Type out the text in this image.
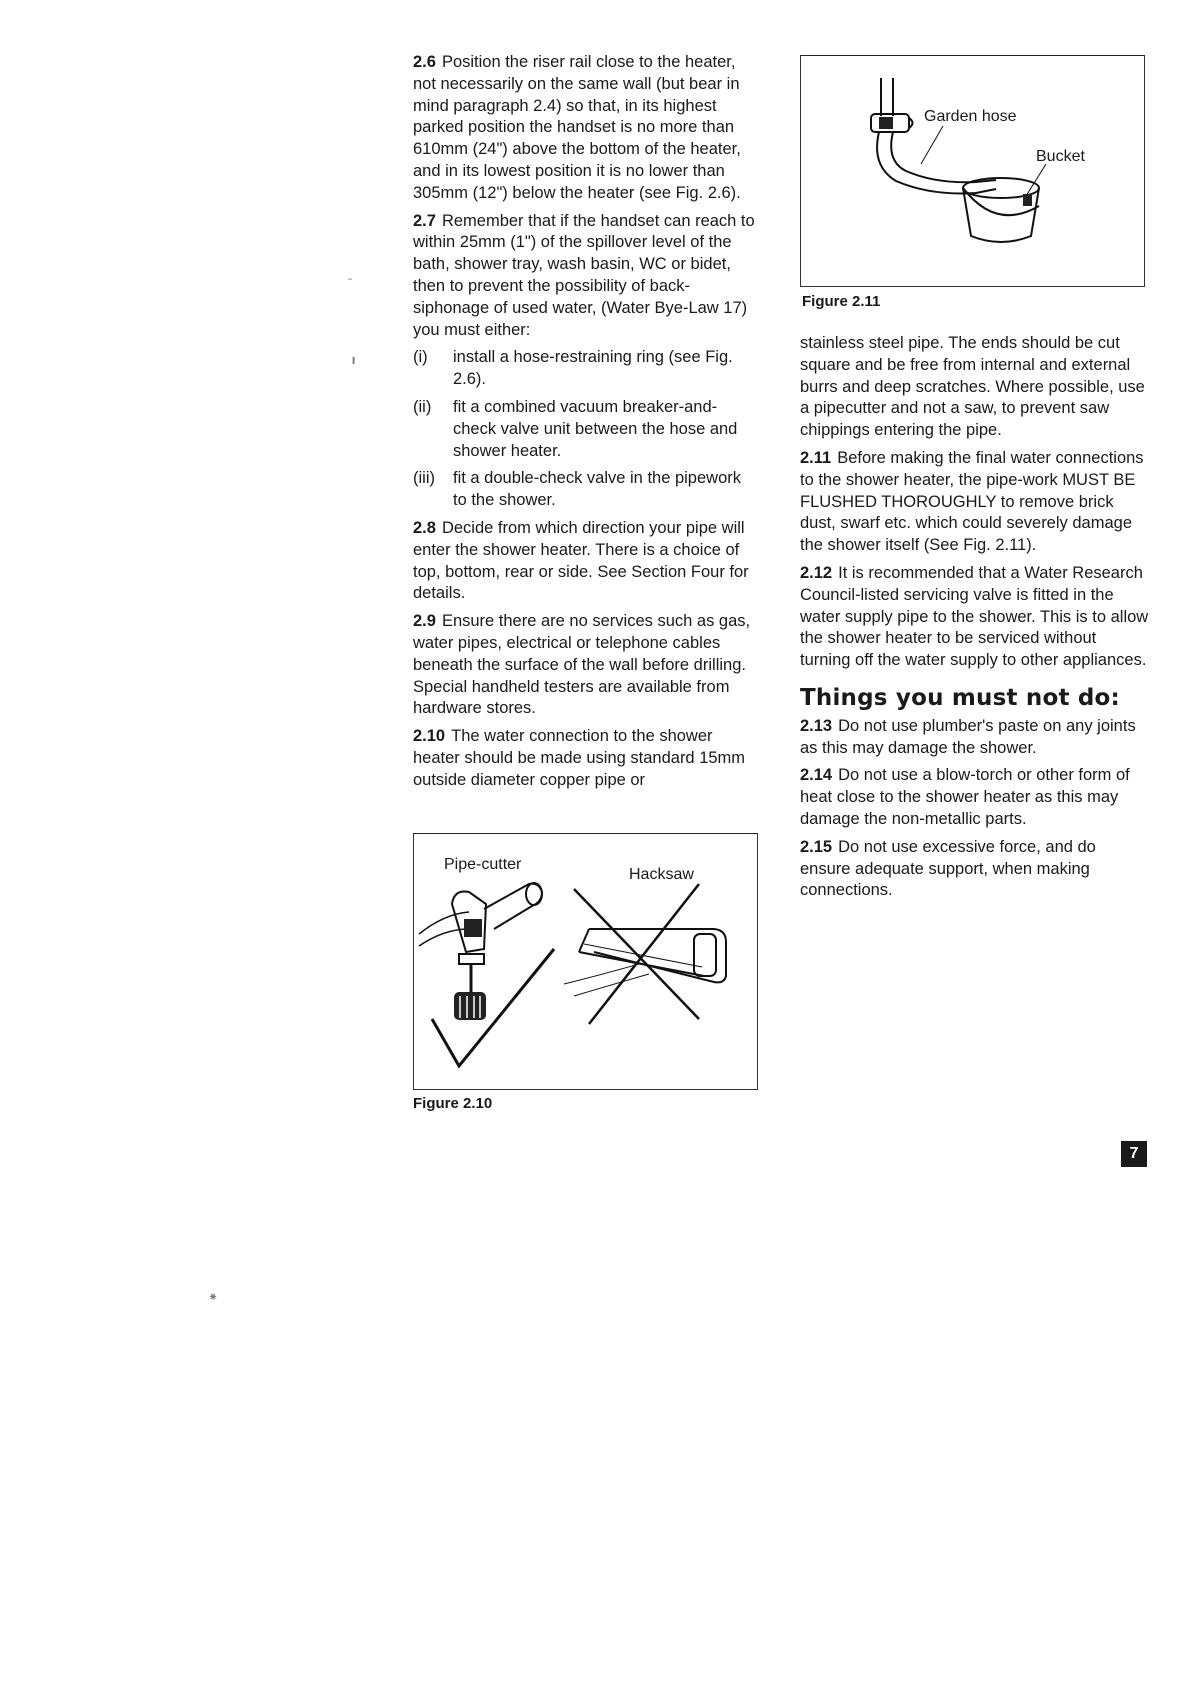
2.6 Position the riser rail close to the heater, not necessarily on the same wall (but bear in mind paragraph 2.4) so that, in its highest parked position the handset is no more than 610mm (24") above the bottom of the heater, and in its lowest position it is no lower than 305mm (12") below the heater (see Fig. 2.6).

2.7 Remember that if the handset can reach to within 25mm (1") of the spillover level of the bath, shower tray, wash basin, WC or bidet, then to prevent the possibility of back-siphonage of used water, (Water Bye-Law 17) you must either:

(i)	install a hose-restraining ring (see Fig. 2.6).
(ii)	fit a combined vacuum breaker-and-check valve unit between the hose and shower heater.
(iii)	fit a double-check valve in the pipework to the shower.

2.8 Decide from which direction your pipe will enter the shower heater. There is a choice of top, bottom, rear or side. See Section Four for details.

2.9 Ensure there are no services such as gas, water pipes, electrical or telephone cables beneath the surface of the wall before drilling. Special handheld testers are available from hardware stores.

2.10 The water connection to the shower heater should be made using standard 15mm outside diameter copper pipe or

Pipe-cutter
Hacksaw
Figure 2.10
Garden hose
Bucket
Figure 2.11

stainless steel pipe. The ends should be cut square and be free from internal and external burrs and deep scratches. Where possible, use a pipecutter and not a saw, to prevent saw chippings entering the pipe.

2.11 Before making the final water connections to the shower heater, the pipe-work MUST BE FLUSHED THOROUGHLY to remove brick dust, swarf etc. which could severely damage the shower itself (See Fig. 2.11).

2.12 It is recommended that a Water Research Council-listed servicing valve is fitted in the water supply pipe to the shower. This is to allow the shower heater to be serviced without turning off the water supply to other appliances.

Things you must not do:

2.13 Do not use plumber's paste on any joints as this may damage the shower.

2.14 Do not use a blow-torch or other form of heat close to the shower heater as this may damage the non-metallic parts.

2.15 Do not use excessive force, and do ensure adequate support, when making connections.

7
˗
╻
⁕
